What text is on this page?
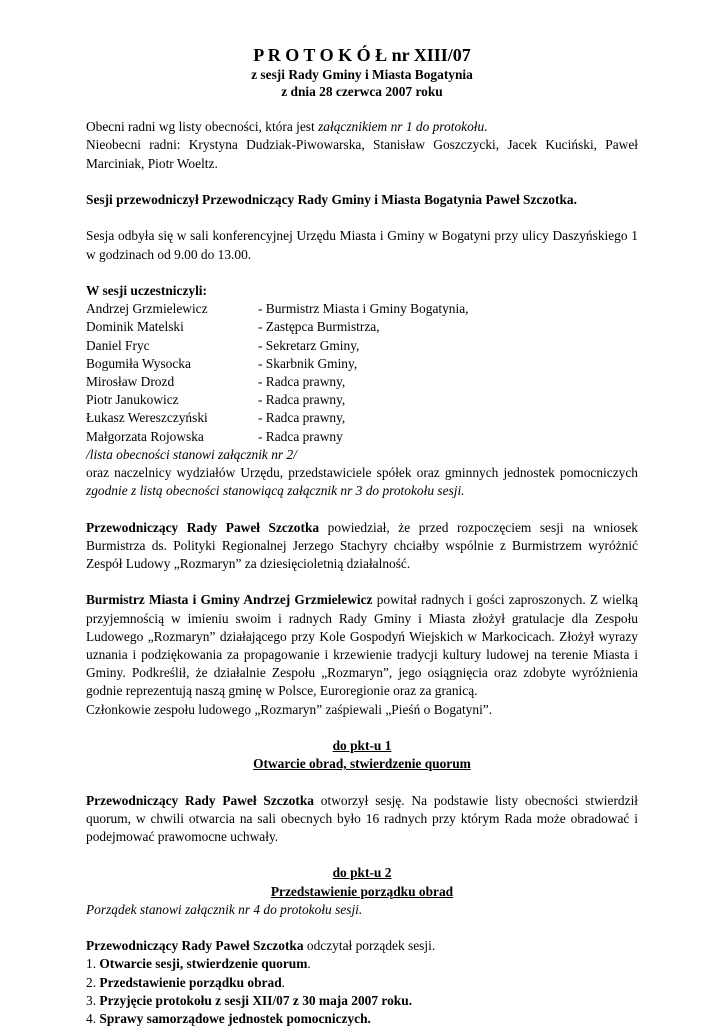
P R O T O K Ó Ł nr XIII/07

z sesji Rady Gminy i Miasta Bogatynia

z dnia 28 czerwca 2007 roku

Obecni radni wg listy obecności, która jest załącznikiem nr 1 do protokołu.

Nieobecni radni: Krystyna Dudziak-Piwowarska, Stanisław Goszczycki, Jacek Kuciński, Paweł Marciniak, Piotr Woeltz.

Sesji przewodniczył Przewodniczący Rady Gminy i Miasta Bogatynia Paweł Szczotka.

Sesja odbyła się w sali konferencyjnej Urzędu Miasta i Gminy w Bogatyni przy ulicy Daszyńskiego 1 w godzinach od 9.00 do 13.00.

W sesji uczestniczyli:

Andrzej Grzmielewicz	- Burmistrz Miasta i Gminy Bogatynia,
Dominik Matelski	- Zastępca Burmistrza,
Daniel Fryc	- Sekretarz Gminy,
Bogumiła Wysocka	- Skarbnik Gminy,
Mirosław Drozd	- Radca prawny,
Piotr Janukowicz	- Radca prawny,
Łukasz Wereszczyński	- Radca prawny,
Małgorzata Rojowska	- Radca prawny

/lista obecności stanowi załącznik nr 2/

oraz naczelnicy wydziałów Urzędu, przedstawiciele spółek oraz gminnych jednostek pomocniczych zgodnie z listą obecności stanowiącą załącznik nr 3 do protokołu sesji.

Przewodniczący Rady Paweł Szczotka powiedział, że przed rozpoczęciem sesji na wniosek Burmistrza ds. Polityki Regionalnej Jerzego Stachyry chciałby wspólnie z Burmistrzem wyróżnić Zespół Ludowy „Rozmaryn” za dziesięcioletnią działalność.

Burmistrz Miasta i Gminy Andrzej Grzmielewicz powitał radnych i gości zaproszonych. Z wielką przyjemnością w imieniu swoim i radnych Rady Gminy i Miasta złożył gratulacje dla Zespołu Ludowego „Rozmaryn” działającego przy Kole Gospodyń Wiejskich w Markocicach. Złożył wyrazy uznania i podziękowania za propagowanie i krzewienie tradycji kultury ludowej na terenie Miasta i Gminy. Podkreślił, że działalnie Zespołu „Rozmaryn”, jego osiągnięcia oraz zdobyte wyróżnienia godnie reprezentują naszą gminę w Polsce, Euroregionie oraz za granicą.

Członkowie zespołu ludowego „Rozmaryn” zaśpiewali „Pieśń o Bogatyni”.

do pkt-u 1

Otwarcie obrad, stwierdzenie quorum

Przewodniczący Rady Paweł Szczotka otworzył sesję. Na podstawie listy obecności stwierdził quorum, w chwili otwarcia na sali obecnych było 16 radnych przy którym Rada może obradować i podejmować prawomocne uchwały.

do pkt-u 2

Przedstawienie porządku obrad

Porządek stanowi załącznik nr 4 do protokołu sesji.

Przewodniczący Rady Paweł Szczotka odczytał porządek sesji.

1. Otwarcie sesji, stwierdzenie quorum.
2. Przedstawienie porządku obrad.
3. Przyjęcie protokołu z sesji XII/07 z 30 maja 2007 roku.
4. Sprawy samorządowe jednostek pomocniczych.
